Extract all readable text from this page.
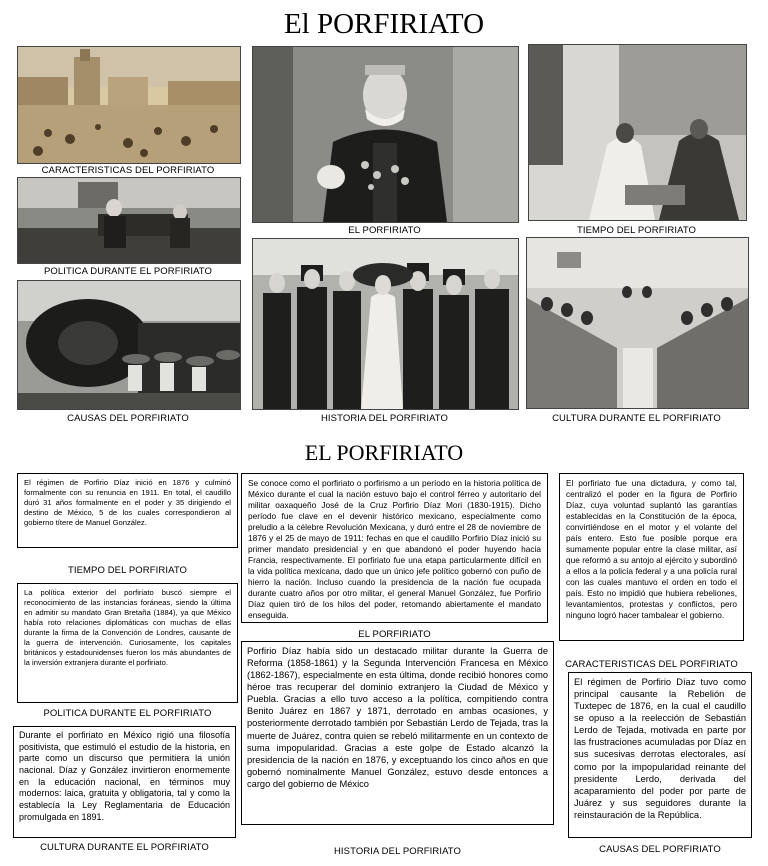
El PORFIRIATO
CARACTERISTICAS DEL PORFIRIATO
POLITICA DURANTE EL PORFIRIATO
CAUSAS DEL PORFIRIATO
EL PORFIRIATO
HISTORIA DEL PORFIRIATO
TIEMPO DEL PORFIRIATO
CULTURA DURANTE EL PORFIRIATO
EL PORFIRIATO
El régimen de Porfirio Díaz inició en 1876 y culminó formalmente con su renuncia en 1911. En total, el caudillo duró 31 años formalmente en el poder y 35 dirigiendo el destino de México, 5 de los cuales correspondieron al gobierno títere de Manuel González.
TIEMPO DEL PORFIRIATO
La política exterior del porfiriato buscó siempre el reconocimiento de las instancias foráneas, siendo la última en admitir su mandato Gran Bretaña (1884), ya que México había roto relaciones diplomáticas con muchas de ellas durante la firma de la Convención de Londres, causante de la guerra de intervención. Curiosamente, los capitales británicos y estadounidenses fueron los más abundantes de la inversión extranjera durante el porfiriato.
POLITICA DURANTE EL PORFIRIATO
Durante el porfiriato en México rigió una filosofía positivista, que estimuló el estudio de la historia, en parte como un discurso que permitiera la unión nacional. Díaz y González invirtieron enormemente en la educación nacional, en términos muy modernos: laica, gratuita y obligatoria, tal y como la establecía la Ley Reglamentaria de Educación promulgada en 1891.
CULTURA DURANTE EL PORFIRIATO
Se conoce como el porfiriato o porfirismo a un período en la historia política de México durante el cual la nación estuvo bajo el control férreo y autoritario del militar oaxaqueño José de la Cruz Porfirio Díaz Mori (1830-1915). Dicho período fue clave en el devenir histórico mexicano, especialmente como preludio a la célebre Revolución Mexicana, y duró entre el 28 de noviembre de 1876 y el 25 de mayo de 1911: fechas en que el caudillo Porfirio Díaz inició su primer mandato presidencial y en que abandonó el poder huyendo hacia Francia, respectivamente. El porfiriato fue una etapa particularmente difícil en la vida política mexicana, dado que un único jefe político gobernó con puño de hierro la nación. Incluso cuando la presidencia de la nación fue ocupada durante cuatro años por otro militar, el general Manuel González, fue Porfirio Díaz quien tiró de los hilos del poder, retomando abiertamente el mandato enseguida.
EL PORFIRIATO
Porfirio Díaz había sido un destacado militar durante la Guerra de Reforma (1858-1861) y la Segunda Intervención Francesa en México (1862-1867), especialmente en esta última, donde recibió honores como héroe tras recuperar del dominio extranjero la Ciudad de México y Puebla. Gracias a ello tuvo acceso a la política, compitiendo contra Benito Juárez en 1867 y 1871, derrotado en ambas ocasiones, y posteriormente derrotado también por Sebastián Lerdo de Tejada, tras la muerte de Juárez, contra quien se rebeló militarmente en un contexto de suma impopularidad. Gracias a este golpe de Estado alcanzó la presidencia de la nación en 1876, y exceptuando los cinco años en que gobernó nominalmente Manuel González, estuvo desde entonces a cargo del gobierno de México
HISTORIA DEL PORFIRIATO
El porfiriato fue una dictadura, y como tal, centralizó el poder en la figura de Porfirio Díaz, cuya voluntad suplantó las garantías establecidas en la Constitución de la época, convirtiéndose en el motor y el volante del país entero. Esto fue posible porque era sumamente popular entre la clase militar, así que reformó a su antojo al ejército y subordinó a ellos a la policía federal y a una policía rural con las cuales mantuvo el orden en todo el país. Esto no impidió que hubiera rebeliones, levantamientos, protestas y conflictos, pero ninguno logró hacer tambalear el gobierno.
CARACTERISTICAS DEL PORFIRIATO
El régimen de Porfirio Díaz tuvo como principal causante la Rebelión de Tuxtepec de 1876, en la cual el caudillo se opuso a la reelección de Sebastián Lerdo de Tejada, motivada en parte por las frustraciones acumuladas por Díaz en sus sucesivas derrotas electorales, así como por la impopularidad reinante del presidente Lerdo, derivada del acaparamiento del poder por parte de Juárez y sus seguidores durante la reinstauración de la República.
CAUSAS DEL PORFIRIATO
